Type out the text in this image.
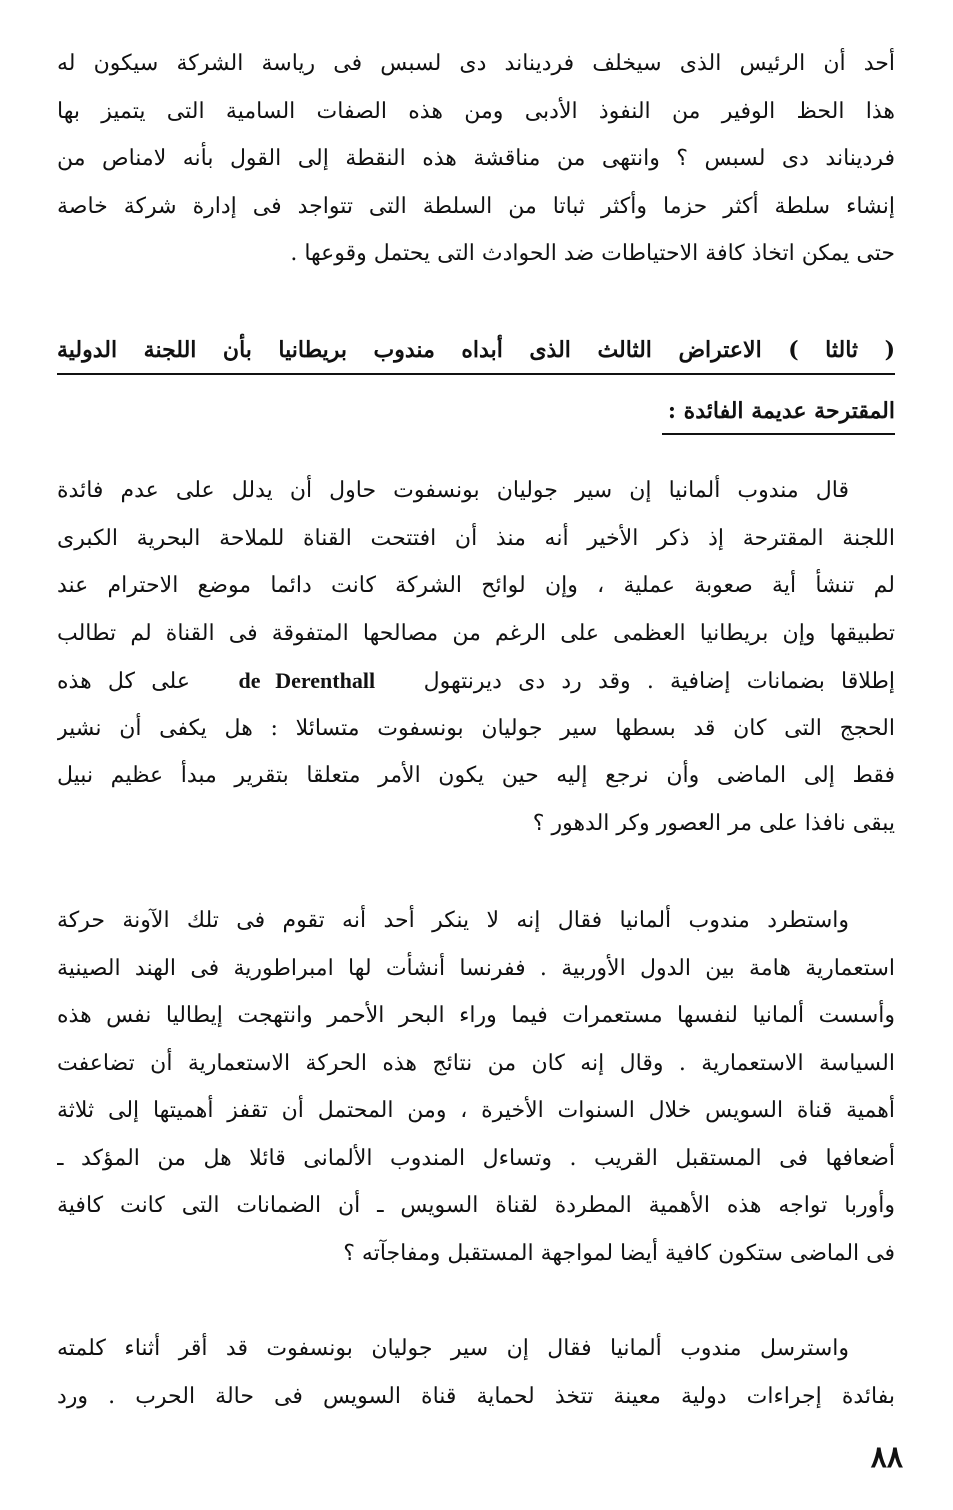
أحد أن الرئيس الذى سيخلف فرديناند دى لسبس فى رياسة الشركة سيكون له
هذا الحظ الوفير من النفوذ الأدبى ومن هذه الصفات السامية التى يتميز بها
فرديناند دى لسبس ؟ وانتهى من مناقشة هذه النقطة إلى القول بأنه لامناص من
إنشاء سلطة أكثر حزما وأكثر ثباتا من السلطة التى تتواجد فى إدارة شركة خاصة
حتى يمكن اتخاذ كافة الاحتياطات ضد الحوادث التى يحتمل وقوعها .
( ثالثا ) الاعتراض الثالث الذى أبداه مندوب بريطانيا بأن اللجنة الدولية
المقترحة عديمة الفائدة :
قال مندوب ألمانيا إن سير جوليان بونسفوت حاول أن يدلل على عدم فائدة
اللجنة المقترحة إذ ذكر الأخير أنه منذ أن افتتحت القناة للملاحة البحرية الكبرى
لم تنشأ أية صعوبة عملية ، وإن لوائح الشركة كانت دائما موضع الاحترام عند
تطبيقها وإن بريطانيا العظمى على الرغم من مصالحها المتفوقة فى القناة لم تطالب
إطلاقا بضمانات إضافية . وقد رد دى ديرنتهول   de Derenthall   على كل هذه
الحجج التى كان قد بسطها سير جوليان بونسفوت متسائلا : هل يكفى أن نشير
فقط إلى الماضى وأن نرجع إليه حين يكون الأمر متعلقا بتقرير مبدأ عظيم نبيل
يبقى نافذا على مر العصور وكر الدهور ؟
واستطرد مندوب ألمانيا فقال إنه لا ينكر أحد أنه تقوم فى تلك الآونة حركة
استعمارية هامة بين الدول الأوربية . ففرنسا أنشأت لها امبراطورية فى الهند الصينية
وأسست ألمانيا لنفسها مستعمرات فيما وراء البحر الأحمر وانتهجت إيطاليا نفس هذه
السياسة الاستعمارية . وقال إنه كان من نتائج هذه الحركة الاستعمارية أن تضاعفت
أهمية قناة السويس خلال السنوات الأخيرة ، ومن المحتمل أن تقفز أهميتها إلى ثلاثة
أضعافها فى المستقبل القريب . وتساءل المندوب الألمانى قائلا هل من المؤكد ـ
وأوربا تواجه هذه الأهمية المطردة لقناة السويس ـ أن الضمانات التى كانت كافية
فى الماضى ستكون كافية أيضا لمواجهة المستقبل ومفاجآته ؟
واسترسل مندوب ألمانيا فقال إن سير جوليان بونسفوت قد أقر أثناء كلمته
بفائدة إجراءات دولية معينة تتخذ لحماية قناة السويس فى حالة الحرب . ورد
٨٨
